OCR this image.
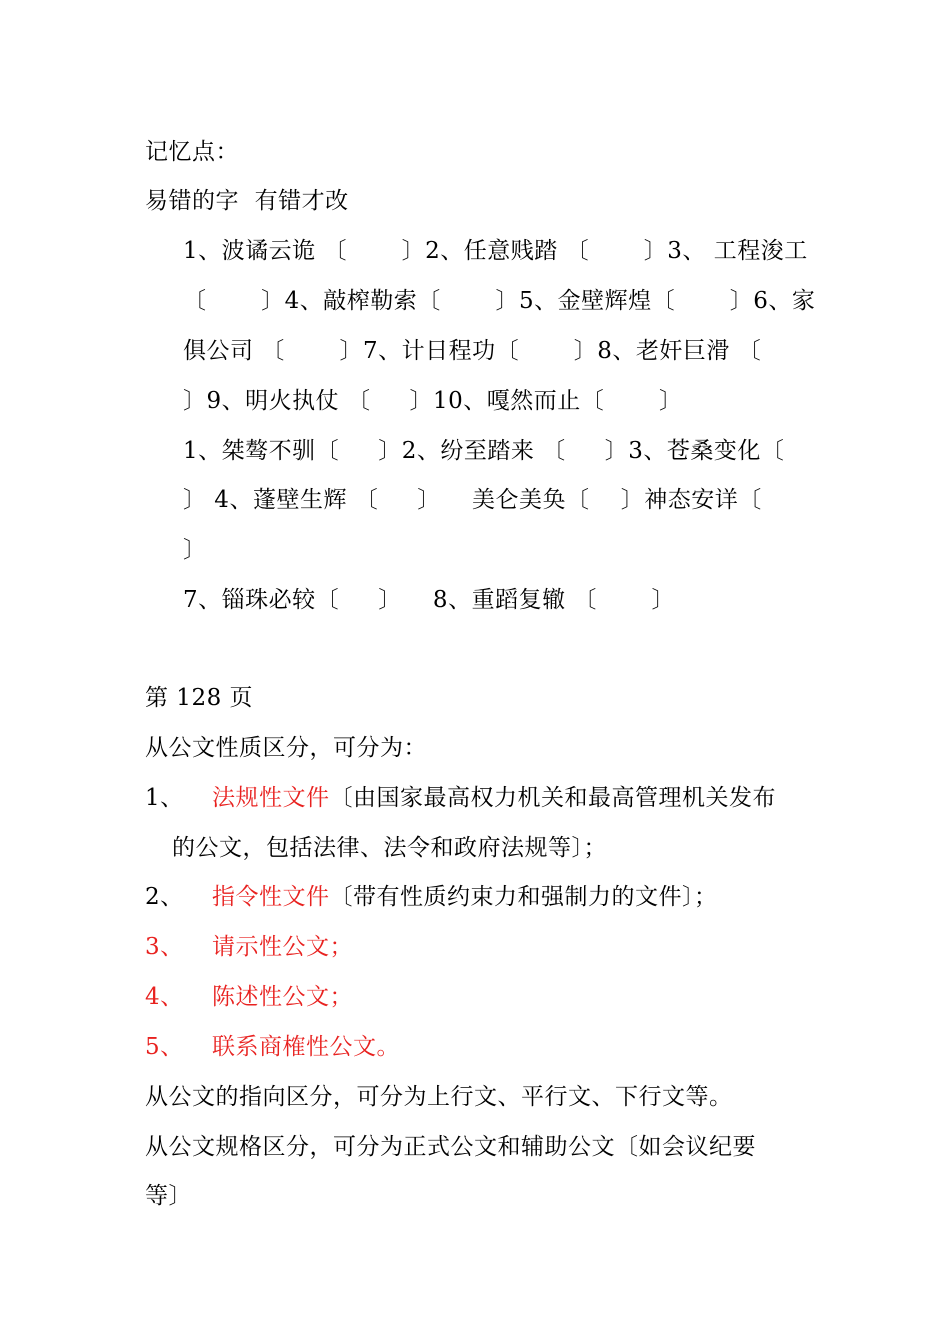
记忆点：

易错的字  有错才改

1、波谲云诡 〔       〕2、任意贱踏 〔       〕3、 工程浚工

〔       〕4、敲榨勒索〔       〕5、金壁辉煌〔       〕6、家

俱公司 〔       〕7、计日程功〔       〕8、老奸巨滑 〔

〕9、明火执仗 〔     〕10、嘎然而止〔       〕

1、桀骜不驯〔     〕2、纷至踏来 〔     〕3、苍桑变化〔

〕 4、蓬壁生辉 〔     〕    美仑美奂〔    〕神态安详〔

〕

7、锱珠必较〔     〕    8、重蹈复辙 〔       〕

第 128 页

从公文性质区分，可分为：

1、 法规性文件〔由国家最高权力机关和最高管理机关发布

的公文，包括法律、法令和政府法规等〕；

2、 指令性文件〔带有性质约束力和强制力的文件〕；

3、 请示性公文；

4、 陈述性公文；

5、 联系商榷性公文。

从公文的指向区分，可分为上行文、平行文、下行文等。

从公文规格区分，可分为正式公文和辅助公文〔如会议纪要

等〕
